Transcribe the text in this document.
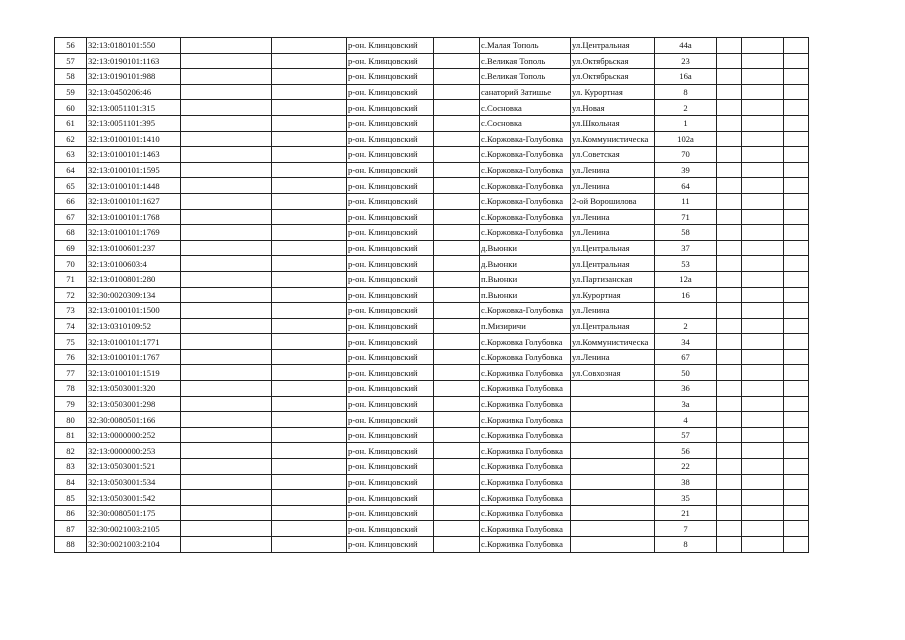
56	32:13:0180101:550			р-он. Клинцовский		с.Малая Тополь	ул.Центральная	44а			
57	32:13:0190101:1163			р-он. Клинцовский		с.Великая Тополь	ул.Октябрьская	23			
58	32:13:0190101:988			р-он. Клинцовский		с.Великая Тополь	ул.Октябрьская	16а			
59	32:13:0450206:46			р-он. Клинцовский		санаторий Затишье	ул. Курортная	8			
60	32:13:0051101:315			р-он. Клинцовский		с.Сосновка	ул.Новая	2			
61	32:13:0051101:395			р-он. Клинцовский		с.Сосновка	ул.Школьная	1			
62	32:13:0100101:1410			р-он. Клинцовский		с.Коржовка-Голубовка	ул.Коммунистическа	102а			
63	32:13:0100101:1463			р-он. Клинцовский		с.Коржовка-Голубовка	ул.Советская	70			
64	32:13:0100101:1595			р-он. Клинцовский		с.Коржовка-Голубовка	ул.Ленина	39			
65	32:13:0100101:1448			р-он. Клинцовский		с.Коржовка-Голубовка	ул.Ленина	64			
66	32:13:0100101:1627			р-он. Клинцовский		с.Коржовка-Голубовка	2-ой Ворошилова	11			
67	32:13:0100101:1768			р-он. Клинцовский		с.Коржовка-Голубовка	ул.Ленина	71			
68	32:13:0100101:1769			р-он. Клинцовский		с.Коржовка-Голубовка	ул.Ленина	58			
69	32:13:0100601:237			р-он. Клинцовский		д.Вьюнки	ул.Центральная	37			
70	32:13:0100603:4			р-он. Клинцовский		д.Вьюнки	ул.Центральная	53			
71	32:13:0100801:280			р-он. Клинцовский		п.Вьюнки	ул.Партизанская	12а			
72	32:30:0020309:134			р-он. Клинцовский		п.Вьюнки	ул.Курортная	16			
73	32:13:0100101:1500			р-он. Клинцовский		с.Коржовка-Голубовка	ул.Ленина				
74	32:13:0310109:52			р-он. Клинцовский		п.Мизиричи	ул.Центральная	2			
75	32:13:0100101:1771			р-он. Клинцовский		с.Коржовка Голубовка	ул.Коммунистическа	34			
76	32:13:0100101:1767			р-он. Клинцовский		с.Коржовка Голубовка	ул.Ленина	67			
77	32:13:0100101:1519			р-он. Клинцовский		с.Корживка Голубовка	ул.Совхозная	50			
78	32:13:0503001:320			р-он. Клинцовский		с.Корживка Голубовка		36			
79	32:13:0503001:298			р-он. Клинцовский		с.Корживка Голубовка		3а			
80	32:30:0080501:166			р-он. Клинцовский		с.Корживка Голубовка		4			
81	32:13:0000000:252			р-он. Клинцовский		с.Корживка Голубовка		57			
82	32:13:0000000:253			р-он. Клинцовский		с.Корживка Голубовка		56			
83	32:13:0503001:521			р-он. Клинцовский		с.Корживка Голубовка		22			
84	32:13:0503001:534			р-он. Клинцовский		с.Корживка Голубовка		38			
85	32:13:0503001:542			р-он. Клинцовский		с.Корживка Голубовка		35			
86	32:30:0080501:175			р-он. Клинцовский		с.Корживка Голубовка		21			
87	32:30:0021003:2105			р-он. Клинцовский		с.Корживка Голубовка		7			
88	32:30:0021003:2104			р-он. Клинцовский		с.Корживка Голубовка		8			
